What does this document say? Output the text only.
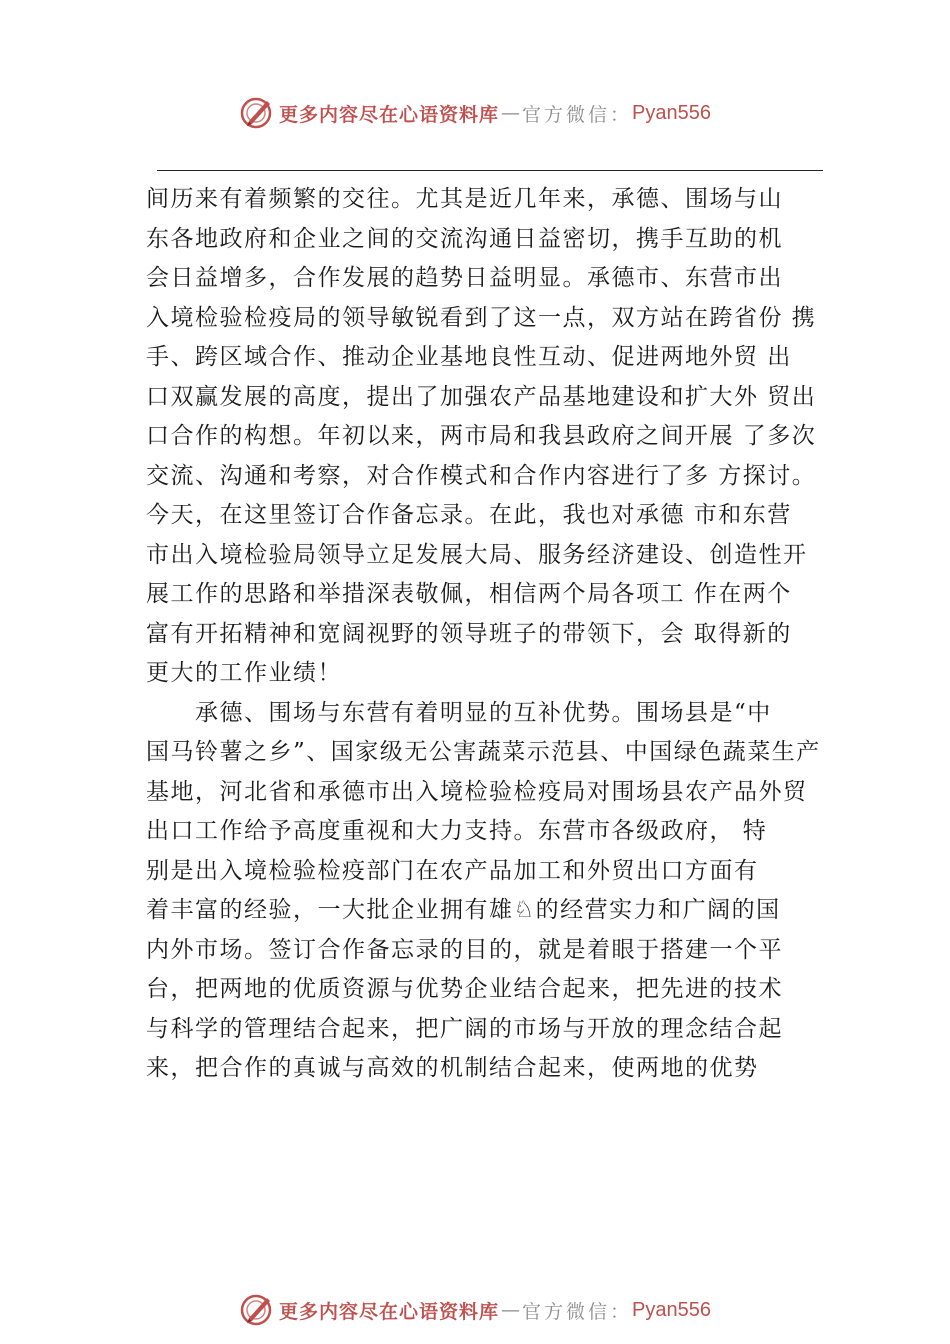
更多内容尽在心语资料库 — 官方微信： Pyan556
间历来有着频繁的交往。尤其是近几年来，承德、围场与山
东各地政府和企业之间的交流沟通日益密切，携手互助的机
会日益增多，合作发展的趋势日益明显。承德市、东营市出
入境检验检疫局的领导敏锐看到了这一点，双方站在跨省份 携
手、跨区域合作、推动企业基地良性互动、促进两地外贸 出
口双赢发展的高度，提出了加强农产品基地建设和扩大外 贸出
口合作的构想。年初以来，两市局和我县政府之间开展 了多次
交流、沟通和考察，对合作模式和合作内容进行了多 方探讨。
今天，在这里签订合作备忘录。在此，我也对承德 市和东营
市出入境检验局领导立足发展大局、服务经济建设、创造性开
展工作的思路和举措深表敬佩，相信两个局各项工 作在两个
富有开拓精神和宽阔视野的领导班子的带领下，会 取得新的
更大的工作业绩！
　　承德、围场与东营有着明显的互补优势。围场县是“中
国马铃薯之乡”、国家级无公害蔬菜示范县、中国绿色蔬菜生产
基地，河北省和承德市出入境检验检疫局对围场县农产品外贸
出口工作给予高度重视和大力支持。东营市各级政府， 特
别是出入境检验检疫部门在农产品加工和外贸出口方面有
着丰富的经验，一大批企业拥有雄♘的经营实力和广阔的国
内外市场。签订合作备忘录的目的，就是着眼于搭建一个平
台，把两地的优质资源与优势企业结合起来，把先进的技术
与科学的管理结合起来，把广阔的市场与开放的理念结合起
来，把合作的真诚与高效的机制结合起来，使两地的优势
更多内容尽在心语资料库 — 官方微信： Pyan556
